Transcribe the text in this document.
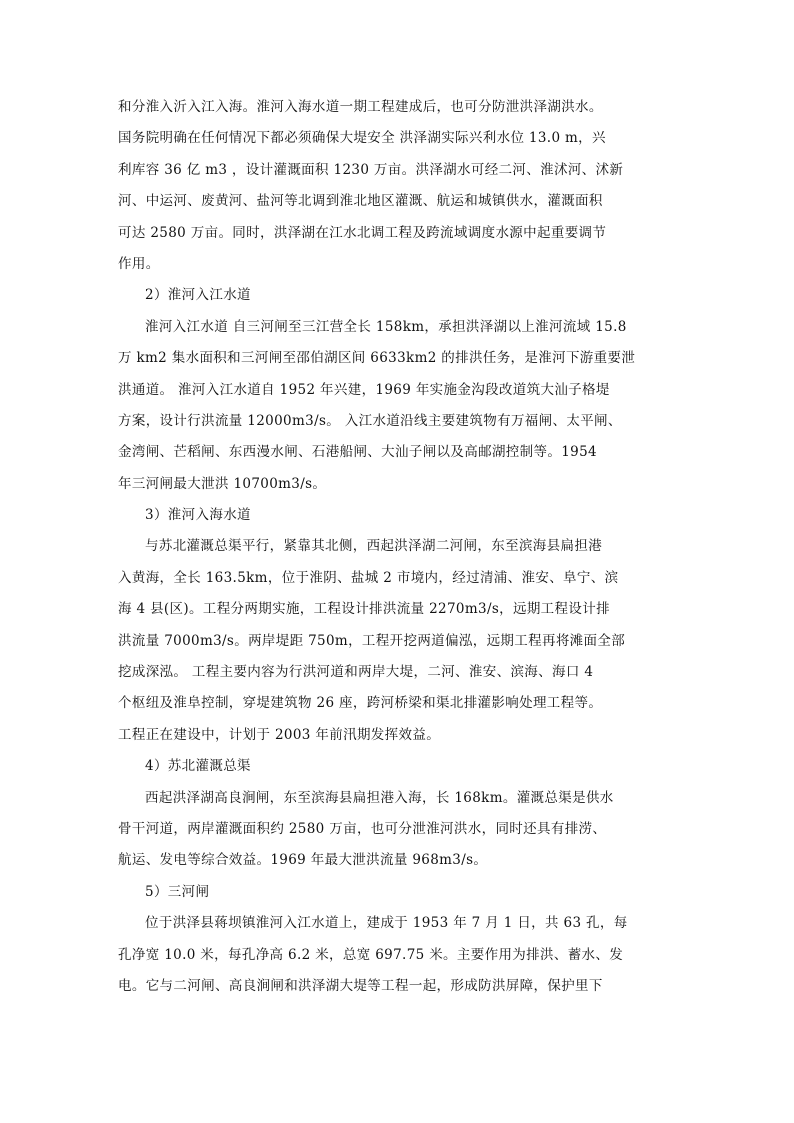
和分淮入沂入江入海。淮河入海水道一期工程建成后，也可分防泄洪泽湖洪水。
国务院明确在任何情况下都必须确保大堤安全 洪泽湖实际兴利水位 13.0 m，兴
利库容 36 亿 m3 ，设计灌溉面积 1230 万亩。洪泽湖水可经二河、淮沭河、沭新
河、中运河、废黄河、盐河等北调到淮北地区灌溉、航运和城镇供水，灌溉面积
可达 2580 万亩。同时，洪泽湖在江水北调工程及跨流域调度水源中起重要调节
作用。
2）淮河入江水道
淮河入江水道 自三河闸至三江营全长 158km，承担洪泽湖以上淮河流域 15.8
万 km2 集水面积和三河闸至邵伯湖区间 6633km2 的排洪任务，是淮河下游重要泄
洪通道。 淮河入江水道自 1952 年兴建，1969 年实施金沟段改道筑大汕子格堤
方案，设计行洪流量 12000m3/s。 入江水道沿线主要建筑物有万福闸、太平闸、
金湾闸、芒稻闸、东西漫水闸、石港船闸、大汕子闸以及高邮湖控制等。1954
年三河闸最大泄洪 10700m3/s。
3）淮河入海水道
与苏北灌溉总渠平行，紧靠其北侧，西起洪泽湖二河闸，东至滨海县扁担港
入黄海，全长 163.5km，位于淮阴、盐城 2 市境内，经过清浦、淮安、阜宁、滨
海 4 县(区)。工程分两期实施，工程设计排洪流量 2270m3/s，远期工程设计排
洪流量 7000m3/s。两岸堤距 750m，工程开挖两道偏泓，远期工程再将滩面全部
挖成深泓。 工程主要内容为行洪河道和两岸大堤，二河、淮安、滨海、海口 4
个枢纽及淮阜控制，穿堤建筑物 26 座，跨河桥梁和渠北排灌影响处理工程等。
工程正在建设中，计划于 2003 年前汛期发挥效益。
4）苏北灌溉总渠
西起洪泽湖高良涧闸，东至滨海县扁担港入海，长 168km。灌溉总渠是供水
骨干河道，两岸灌溉面积约 2580 万亩，也可分泄淮河洪水，同时还具有排涝、
航运、发电等综合效益。1969 年最大泄洪流量 968m3/s。
5）三河闸
位于洪泽县蒋坝镇淮河入江水道上，建成于 1953 年 7 月 1 日，共 63 孔，每
孔净宽 10.0 米，每孔净高 6.2 米，总宽 697.75 米。主要作用为排洪、蓄水、发
电。它与二河闸、高良涧闸和洪泽湖大堤等工程一起，形成防洪屏障，保护里下
